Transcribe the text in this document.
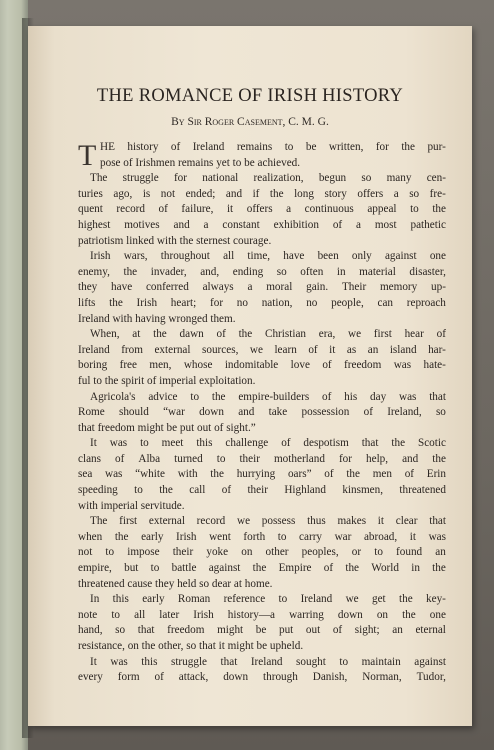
THE ROMANCE OF IRISH HISTORY
By Sir Roger Casement, C. M. G.
T HE history of Ireland remains to be written, for the pur-
pose of Irishmen remains yet to be achieved.
The struggle for national realization, begun so many cen-
turies ago, is not ended; and if the long story offers a so fre-
quent record of failure, it offers a continuous appeal to the
highest motives and a constant exhibition of a most pathetic
patriotism linked with the sternest courage.
Irish wars, throughout all time, have been only against one
enemy, the invader, and, ending so often in material disaster,
they have conferred always a moral gain. Their memory up-
lifts the Irish heart; for no nation, no people, can reproach
Ireland with having wronged them.
When, at the dawn of the Christian era, we first hear of
Ireland from external sources, we learn of it as an island har-
boring free men, whose indomitable love of freedom was hate-
ful to the spirit of imperial exploitation.
Agricola's advice to the empire-builders of his day was that
Rome should “war down and take possession of Ireland, so
that freedom might be put out of sight.”
It was to meet this challenge of despotism that the Scotic
clans of Alba turned to their motherland for help, and the
sea was “white with the hurrying oars” of the men of Erin
speeding to the call of their Highland kinsmen, threatened
with imperial servitude.
The first external record we possess thus makes it clear that
when the early Irish went forth to carry war abroad, it was
not to impose their yoke on other peoples, or to found an
empire, but to battle against the Empire of the World in the
threatened cause they held so dear at home.
In this early Roman reference to Ireland we get the key-
note to all later Irish history—a warring down on the one
hand, so that freedom might be put out of sight; an eternal
resistance, on the other, so that it might be upheld.
It was this struggle that Ireland sought to maintain against
every form of attack, down through Danish, Norman, Tudor,
